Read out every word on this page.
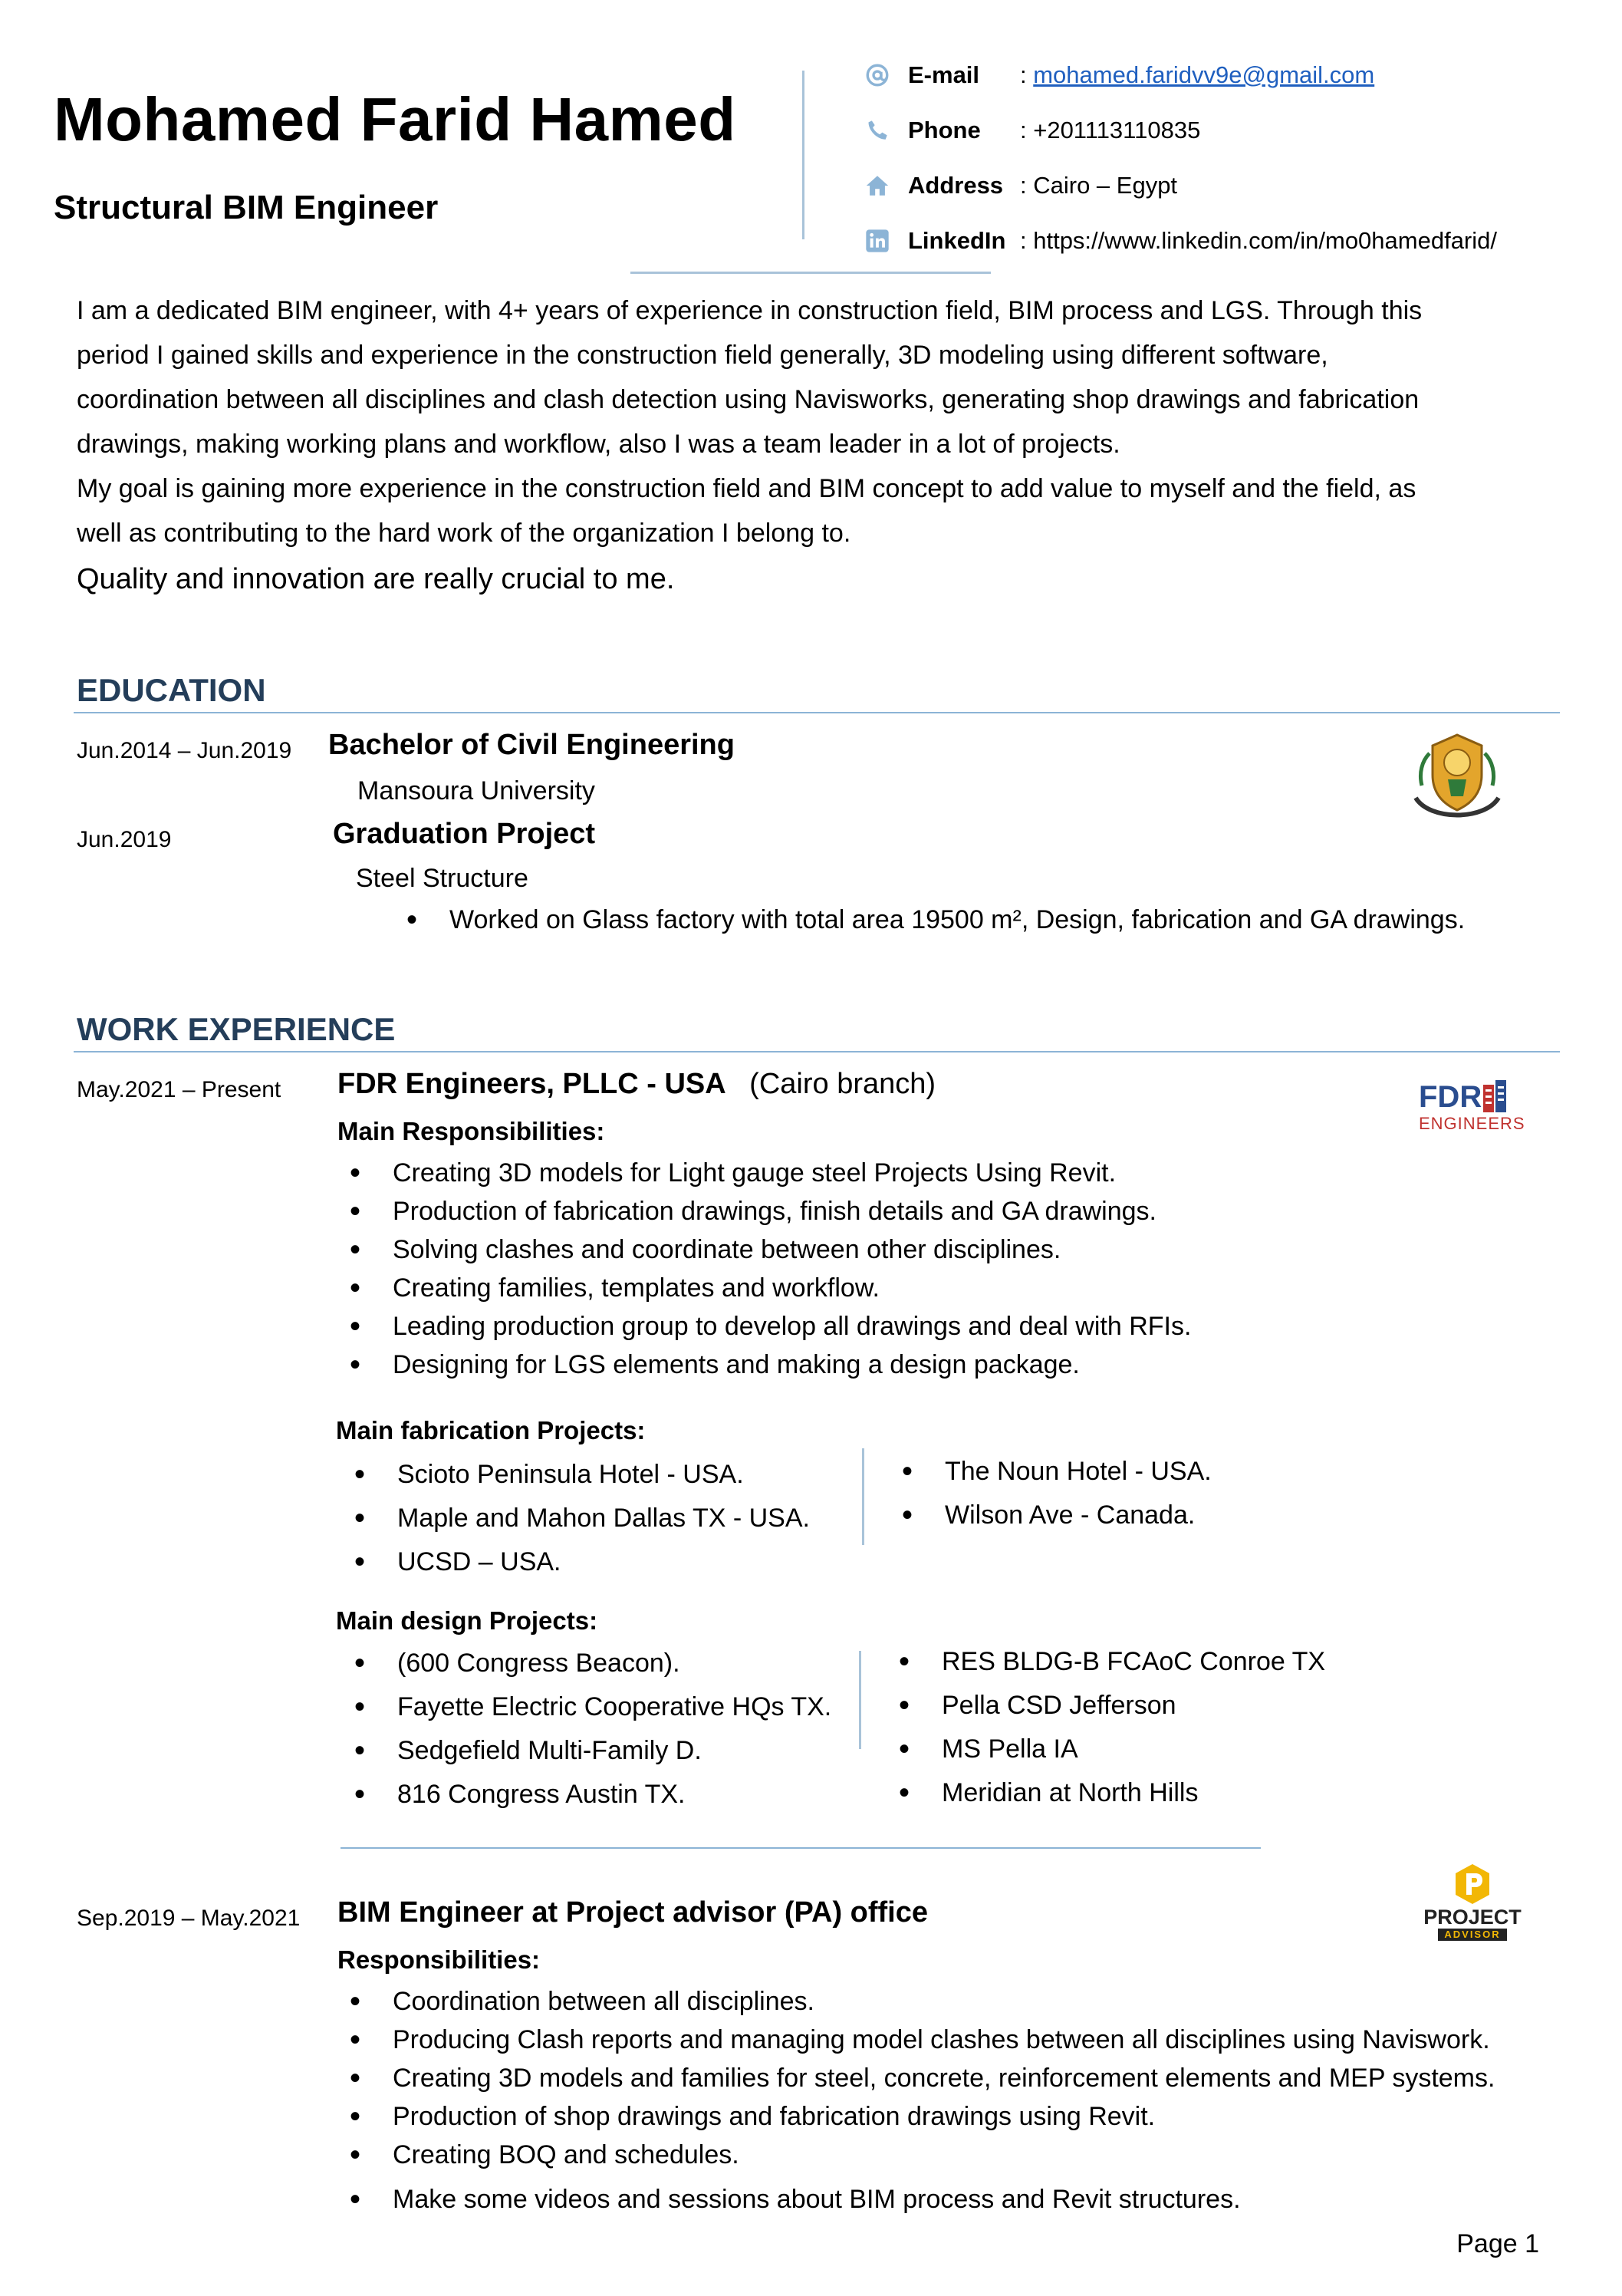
Mohamed Farid Hamed
Structural BIM Engineer
E-mail	: mohamed.faridvv9e@gmail.com
Phone	: +201113110835
Address : Cairo – Egypt
LinkedIn : https://www.linkedin.com/in/mo0hamedfarid/

I am a dedicated BIM engineer, with 4+ years of experience in construction field, BIM process and LGS. Through this

period I gained skills and experience in the construction field generally, 3D modeling using different software,

coordination between all disciplines and clash detection using Navisworks, generating shop drawings and fabrication

drawings, making working plans and workflow, also I was a team leader in a lot of projects.

My goal is gaining more experience in the construction field and BIM concept to add value to myself and the field, as

well as contributing to the hard work of the organization I belong to.

Quality and innovation are really crucial to me.

EDUCATION
Jun.2014 – Jun.2019 Bachelor of Civil Engineering
Mansoura University
Jun.2019	Graduation Project
Steel Structure
• Worked on Glass factory with total area 19500 m², Design, fabrication and GA drawings.
WORK EXPERIENCE
May.2021 – Present FDR Engineers, PLLC - USA (Cairo branch)	FDR
ENGINEERS
Main Responsibilities:
• Creating 3D models for Light gauge steel Projects Using Revit.
• Production of fabrication drawings, finish details and GA drawings.
• Solving clashes and coordinate between other disciplines.
• Creating families, templates and workflow.
• Leading production group to develop all drawings and deal with RFIs.
• Designing for LGS elements and making a design package.
Main fabrication Projects:
• Scioto Peninsula Hotel - USA.
• Maple and Mahon Dallas TX - USA.
• UCSD – USA.
• The Noun Hotel - USA.
• Wilson Ave - Canada.
Main design Projects:
• (600 Congress Beacon).
• Fayette Electric Cooperative HQs TX.
• Sedgefield Multi-Family D.
• 816 Congress Austin TX.
• RES BLDG-B FCAoC Conroe TX
• Pella CSD Jefferson
• MS Pella IA
• Meridian at North Hills
Sep.2019 – May.2021 BIM Engineer at Project advisor (PA) office	PROJECT
ADVISOR
Responsibilities:
• Coordination between all disciplines.
• Producing Clash reports and managing model clashes between all disciplines using Naviswork.
• Creating 3D models and families for steel, concrete, reinforcement elements and MEP systems.
• Production of shop drawings and fabrication drawings using Revit.
• Creating BOQ and schedules.
• Make some videos and sessions about BIM process and Revit structures.
Page 1
